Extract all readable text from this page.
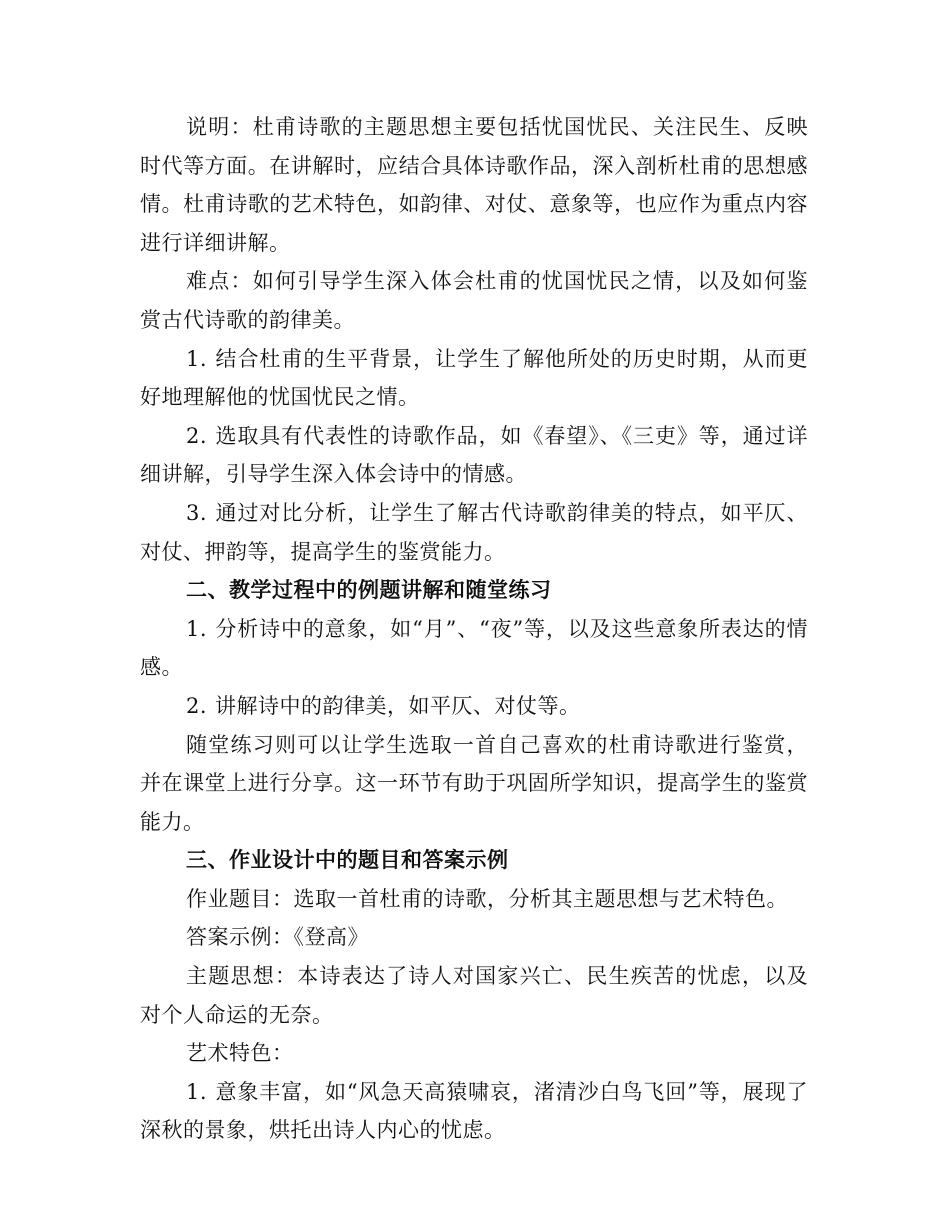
说明：杜甫诗歌的主题思想主要包括忧国忧民、关注民生、反映时代等方面。在讲解时，应结合具体诗歌作品，深入剖析杜甫的思想感情。杜甫诗歌的艺术特色，如韵律、对仗、意象等，也应作为重点内容进行详细讲解。

难点：如何引导学生深入体会杜甫的忧国忧民之情，以及如何鉴赏古代诗歌的韵律美。

1. 结合杜甫的生平背景，让学生了解他所处的历史时期，从而更好地理解他的忧国忧民之情。

2. 选取具有代表性的诗歌作品，如《春望》、《三吏》等，通过详细讲解，引导学生深入体会诗中的情感。

3. 通过对比分析，让学生了解古代诗歌韵律美的特点，如平仄、对仗、押韵等，提高学生的鉴赏能力。

二、教学过程中的例题讲解和随堂练习

1. 分析诗中的意象，如“月”、“夜”等，以及这些意象所表达的情感。

2. 讲解诗中的韵律美，如平仄、对仗等。

随堂练习则可以让学生选取一首自己喜欢的杜甫诗歌进行鉴赏，并在课堂上进行分享。这一环节有助于巩固所学知识，提高学生的鉴赏能力。

三、作业设计中的题目和答案示例

作业题目：选取一首杜甫的诗歌，分析其主题思想与艺术特色。

答案示例：《登高》

主题思想：本诗表达了诗人对国家兴亡、民生疾苦的忧虑，以及对个人命运的无奈。

艺术特色：

1. 意象丰富，如“风急天高猿啸哀，渚清沙白鸟飞回”等，展现了深秋的景象，烘托出诗人内心的忧虑。
